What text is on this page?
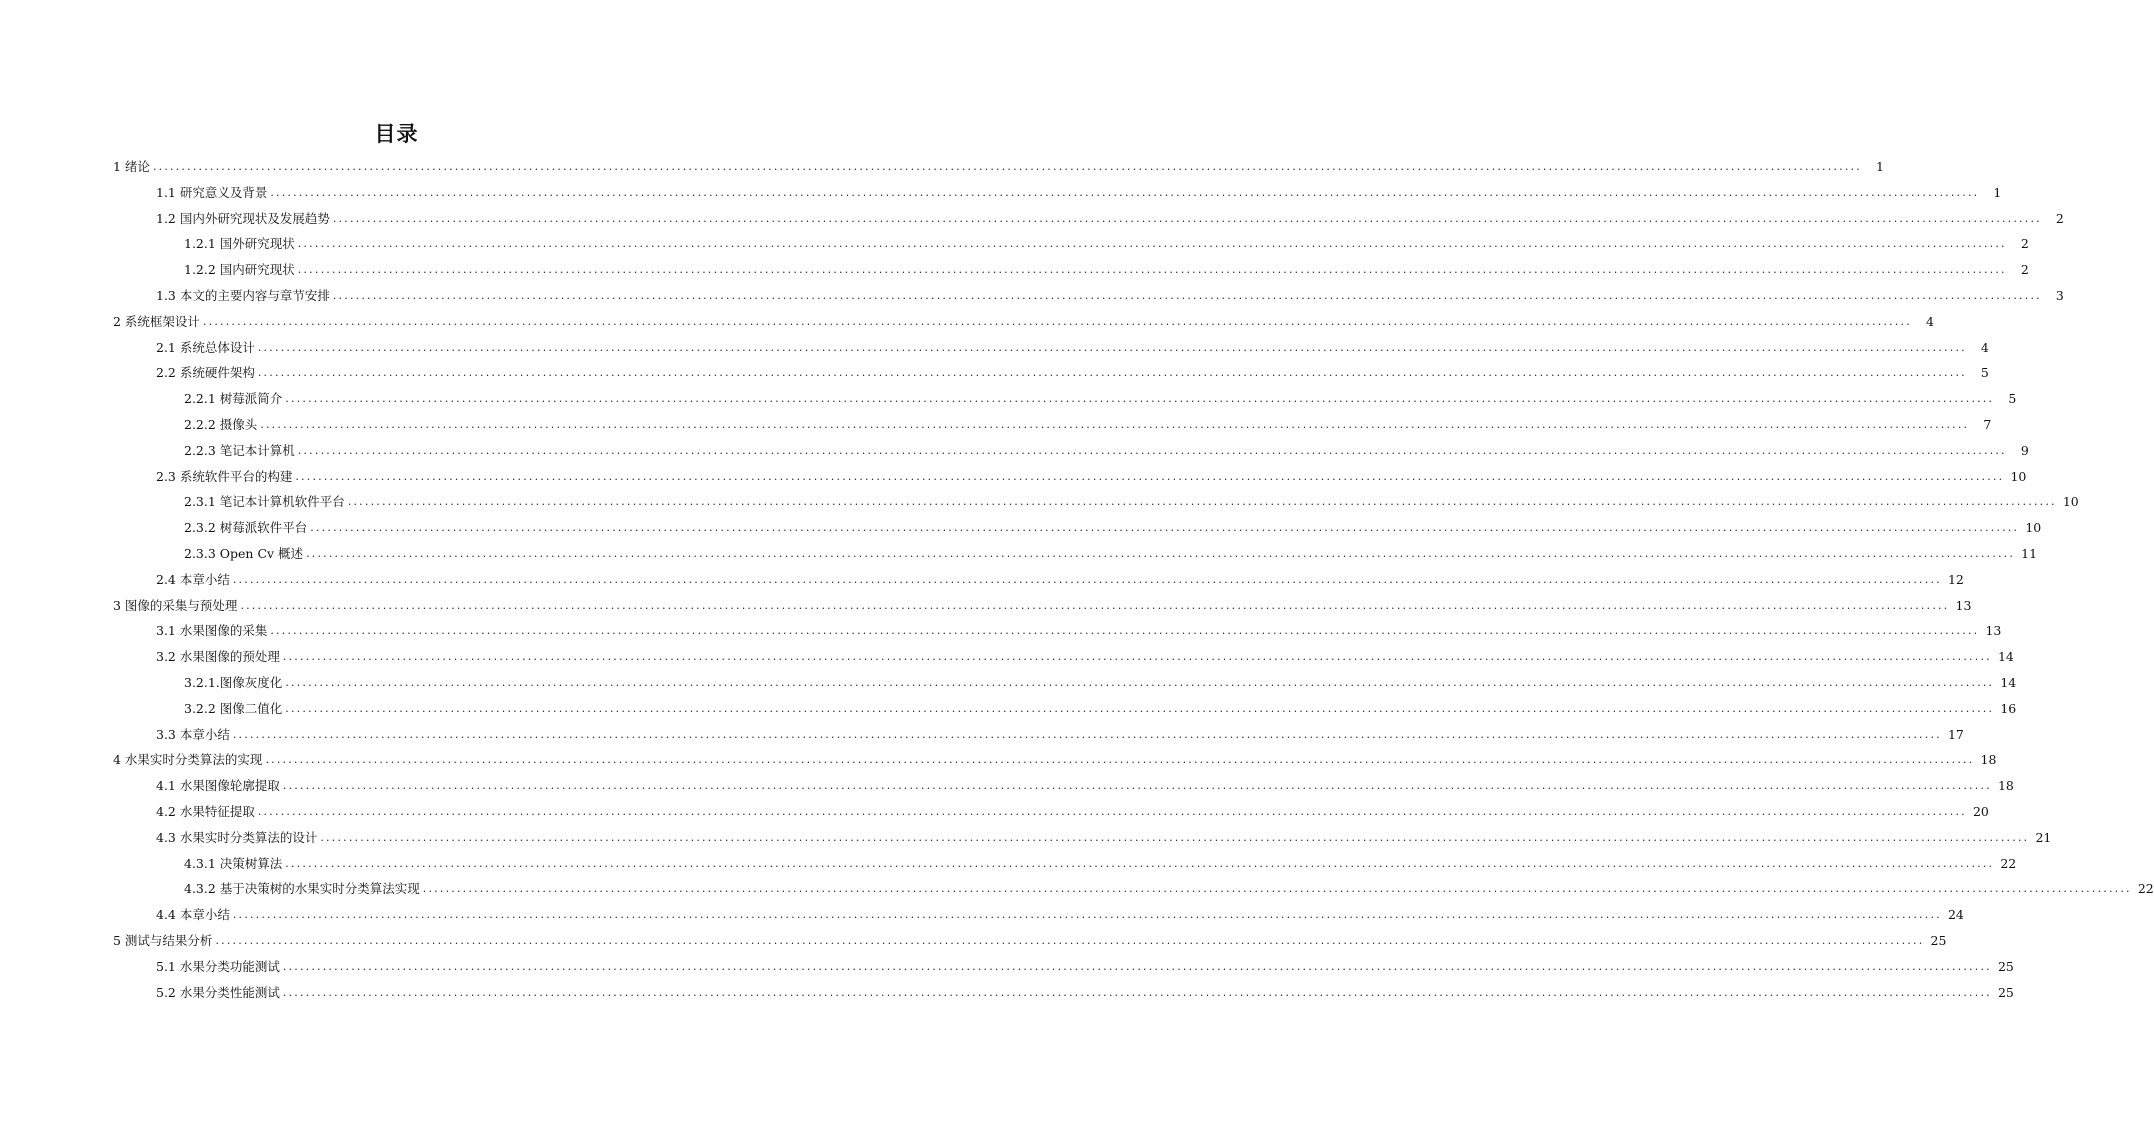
目录
1 绪论 ............................................................................................................................................................................................................................................................................................................	1
1.1 研究意义及背景 ............................................................................................................................................................................................................................................................................................................	1
1.2 国内外研究现状及发展趋势 ............................................................................................................................................................................................................................................................................................................	2
1.2.1 国外研究现状 ............................................................................................................................................................................................................................................................................................................	2
1.2.2 国内研究现状 ............................................................................................................................................................................................................................................................................................................	2
1.3 本文的主要内容与章节安排 ............................................................................................................................................................................................................................................................................................................	3
2 系统框架设计 ............................................................................................................................................................................................................................................................................................................	4
2.1 系统总体设计 ............................................................................................................................................................................................................................................................................................................	4
2.2 系统硬件架构 ............................................................................................................................................................................................................................................................................................................	5
2.2.1 树莓派简介 ............................................................................................................................................................................................................................................................................................................	5
2.2.2 摄像头 ............................................................................................................................................................................................................................................................................................................	7
2.2.3 笔记本计算机 ............................................................................................................................................................................................................................................................................................................	9
2.3 系统软件平台的构建 ............................................................................................................................................................................................................................................................................................................ 10
2.3.1 笔记本计算机软件平台 ............................................................................................................................................................................................................................................................................................................ 10
2.3.2 树莓派软件平台 ............................................................................................................................................................................................................................................................................................................ 10
2.3.3 Open Cv 概述 ............................................................................................................................................................................................................................................................................................................ 11
2.4 本章小结 ............................................................................................................................................................................................................................................................................................................ 12
3 图像的采集与预处理 ............................................................................................................................................................................................................................................................................................................ 13
3.1 水果图像的采集 ............................................................................................................................................................................................................................................................................................................ 13
3.2 水果图像的预处理 ............................................................................................................................................................................................................................................................................................................ 14
3.2.1.图像灰度化 ............................................................................................................................................................................................................................................................................................................ 14
3.2.2 图像二值化 ............................................................................................................................................................................................................................................................................................................ 16
3.3 本章小结 ............................................................................................................................................................................................................................................................................................................ 17
4 水果实时分类算法的实现 ............................................................................................................................................................................................................................................................................................................ 18
4.1 水果图像轮廓提取 ............................................................................................................................................................................................................................................................................................................ 18
4.2 水果特征提取 ............................................................................................................................................................................................................................................................................................................ 20
4.3 水果实时分类算法的设计 ............................................................................................................................................................................................................................................................................................................ 21
4.3.1 决策树算法 ............................................................................................................................................................................................................................................................................................................ 22
4.3.2 基于决策树的水果实时分类算法实现 ............................................................................................................................................................................................................................................................................................................ 22
4.4 本章小结 ............................................................................................................................................................................................................................................................................................................ 24
5 测试与结果分析 ............................................................................................................................................................................................................................................................................................................ 25
5.1 水果分类功能测试 ............................................................................................................................................................................................................................................................................................................ 25
5.2 水果分类性能测试 ............................................................................................................................................................................................................................................................................................................ 25
